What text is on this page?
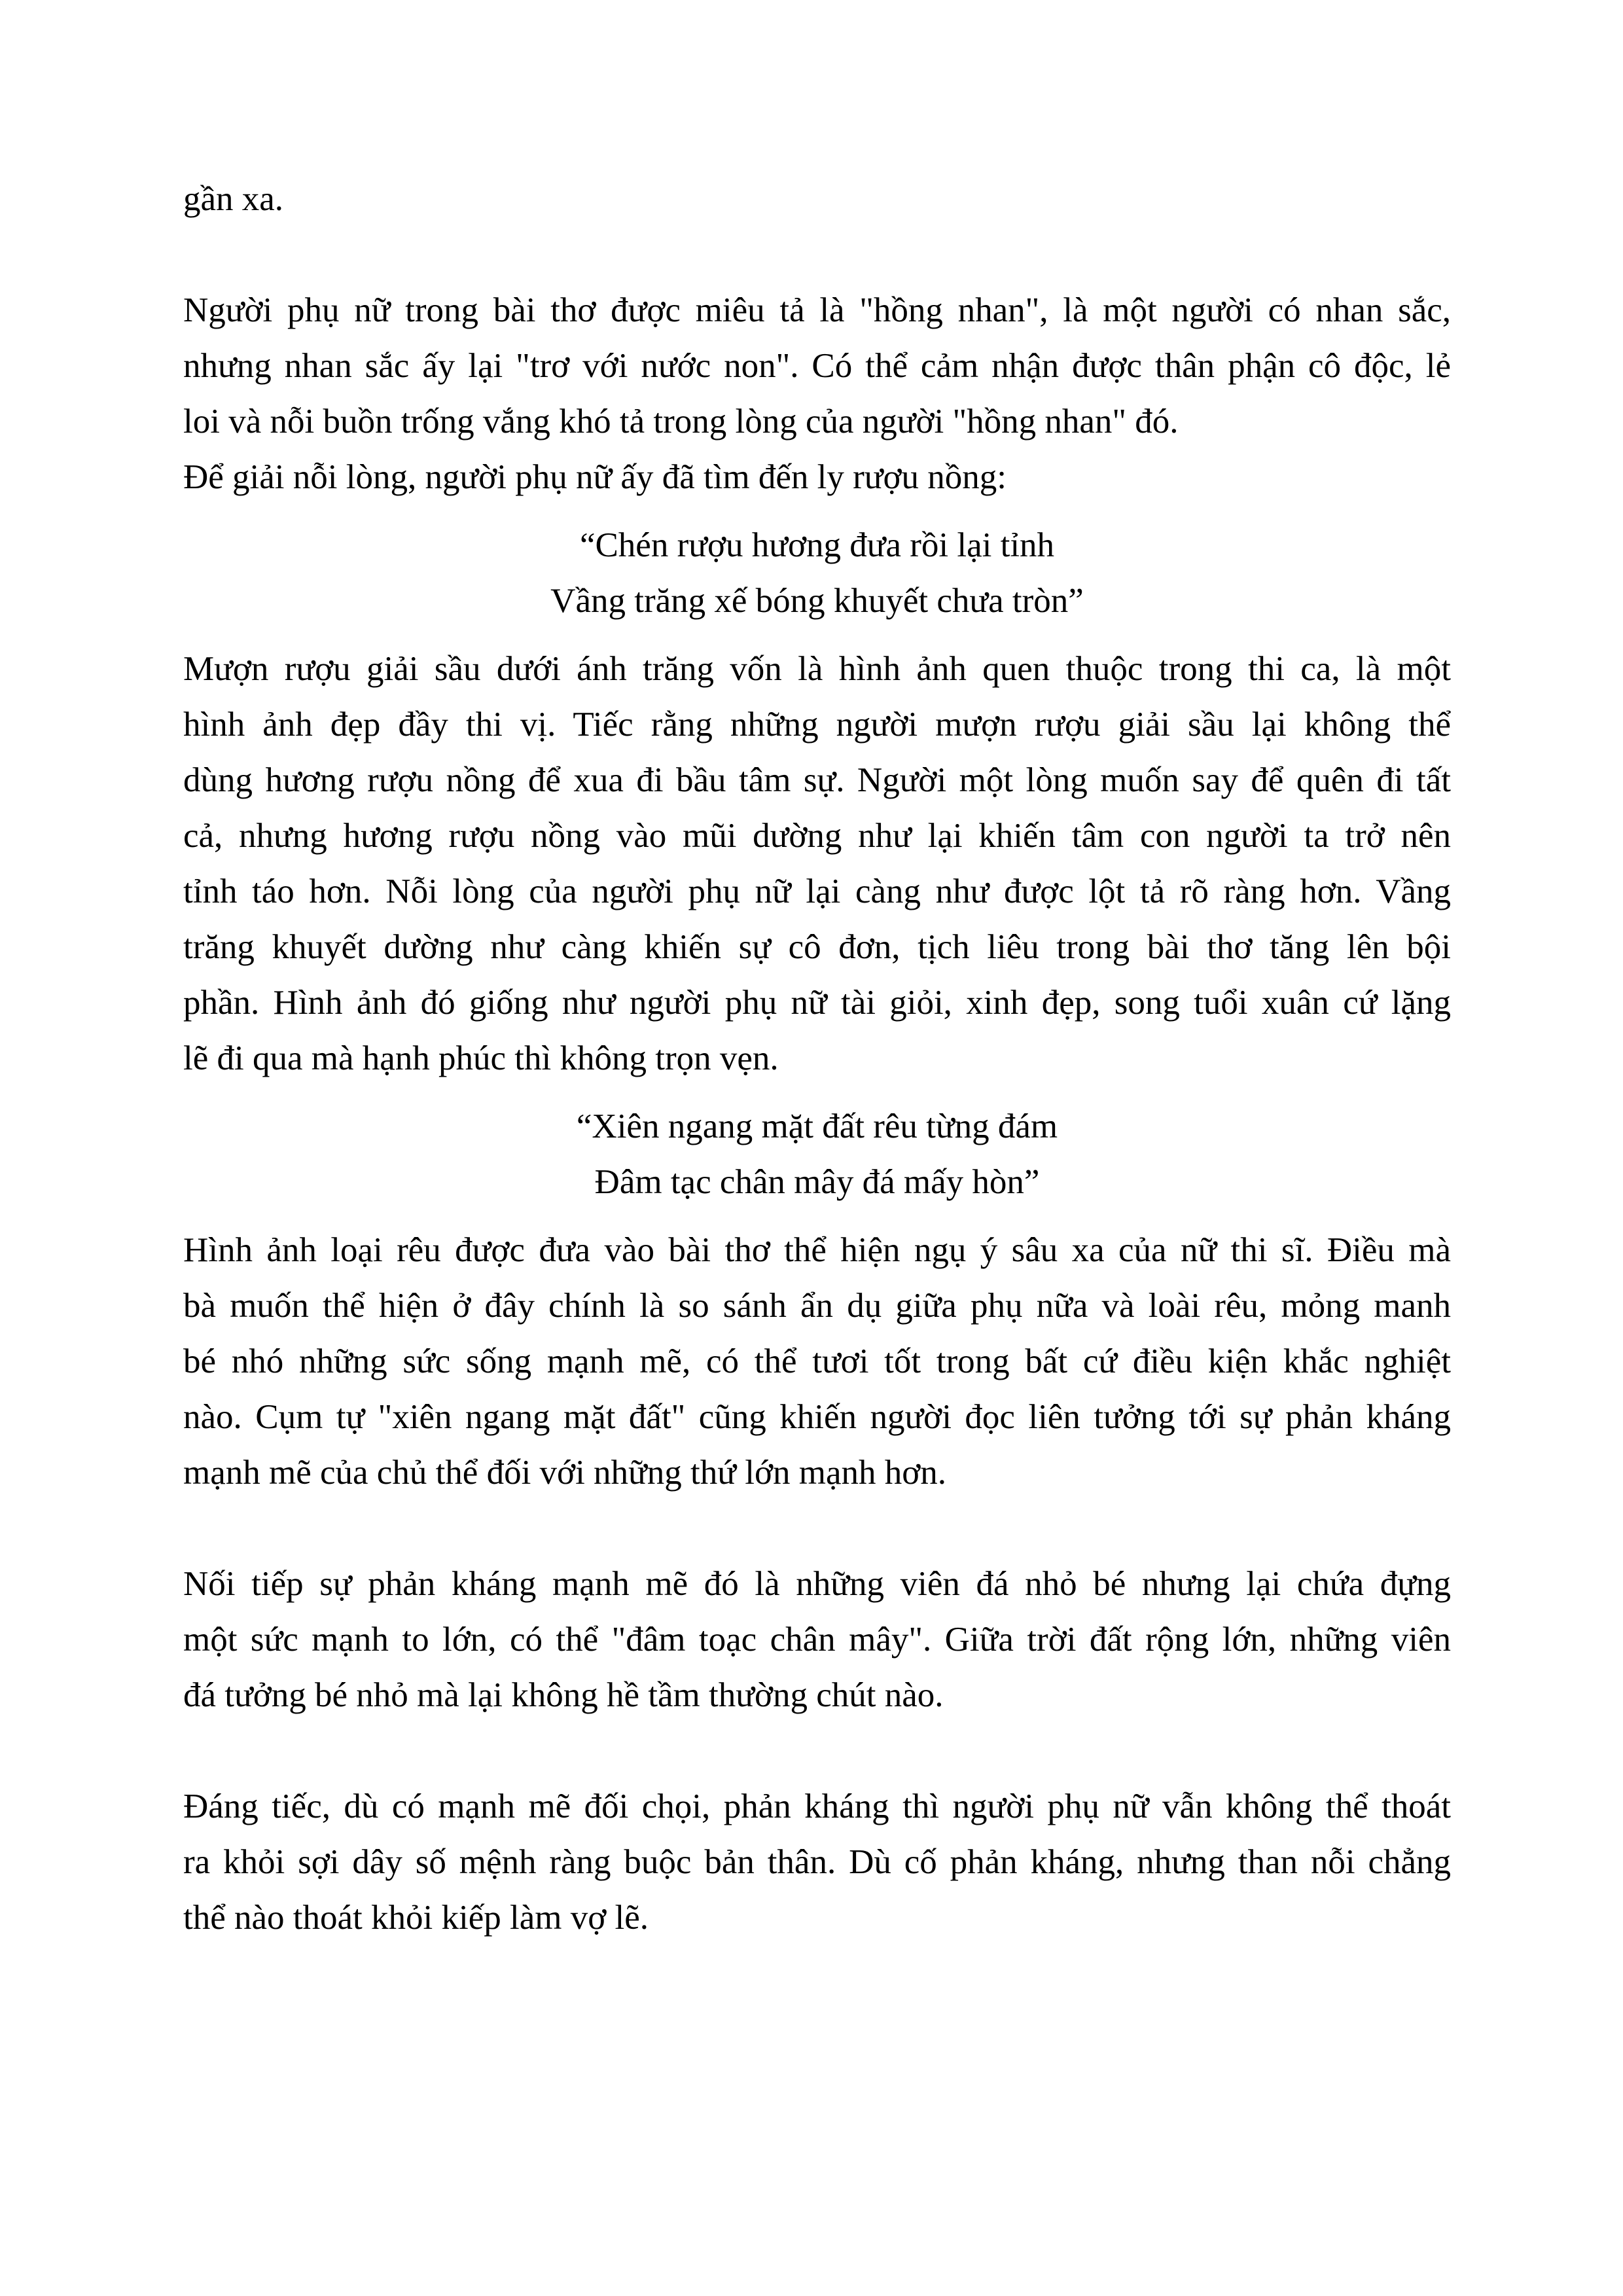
gần xa.
Người phụ nữ trong bài thơ được miêu tả là "hồng nhan", là một người có nhan sắc,
nhưng nhan sắc ấy lại "trơ với nước non". Có thể cảm nhận được thân phận cô độc, lẻ
loi và nỗi buồn trống vắng khó tả trong lòng của người "hồng nhan" đó.
Để giải nỗi lòng, người phụ nữ ấy đã tìm đến ly rượu nồng:
“Chén rượu hương đưa rồi lại tỉnh
Vầng trăng xế bóng khuyết chưa tròn”
Mượn rượu giải sầu dưới ánh trăng vốn là hình ảnh quen thuộc trong thi ca, là một
hình ảnh đẹp đầy thi vị. Tiếc rằng những người mượn rượu giải sầu lại không thể
dùng hương rượu nồng để xua đi bầu tâm sự. Người một lòng muốn say để quên đi tất
cả, nhưng hương rượu nồng vào mũi dường như lại khiến tâm con người ta trở nên
tỉnh táo hơn. Nỗi lòng của người phụ nữ lại càng như được lột tả rõ ràng hơn. Vầng
trăng khuyết dường như càng khiến sự cô đơn, tịch liêu trong bài thơ tăng lên bội
phần. Hình ảnh đó giống như người phụ nữ tài giỏi, xinh đẹp, song tuổi xuân cứ lặng
lẽ đi qua mà hạnh phúc thì không trọn vẹn.
“Xiên ngang mặt đất rêu từng đám
Đâm tạc chân mây đá mấy hòn”
Hình ảnh loại rêu được đưa vào bài thơ thể hiện ngụ ý sâu xa của nữ thi sĩ. Điều mà
bà muốn thể hiện ở đây chính là so sánh ẩn dụ giữa phụ nữa và loài rêu, mỏng manh
bé nhó những sức sống mạnh mẽ, có thể tươi tốt trong bất cứ điều kiện khắc nghiệt
nào. Cụm tự "xiên ngang mặt đất" cũng khiến người đọc liên tưởng tới sự phản kháng
mạnh mẽ của chủ thể đối với những thứ lớn mạnh hơn.
Nối tiếp sự phản kháng mạnh mẽ đó là những viên đá nhỏ bé nhưng lại chứa đựng
một sức mạnh to lớn, có thể "đâm toạc chân mây". Giữa trời đất rộng lớn, những viên
đá tưởng bé nhỏ mà lại không hề tầm thường chút nào.
Đáng tiếc, dù có mạnh mẽ đối chọi, phản kháng thì người phụ nữ vẫn không thể thoát
ra khỏi sợi dây số mệnh ràng buộc bản thân. Dù cố phản kháng, nhưng than nỗi chẳng
thể nào thoát khỏi kiếp làm vợ lẽ.
